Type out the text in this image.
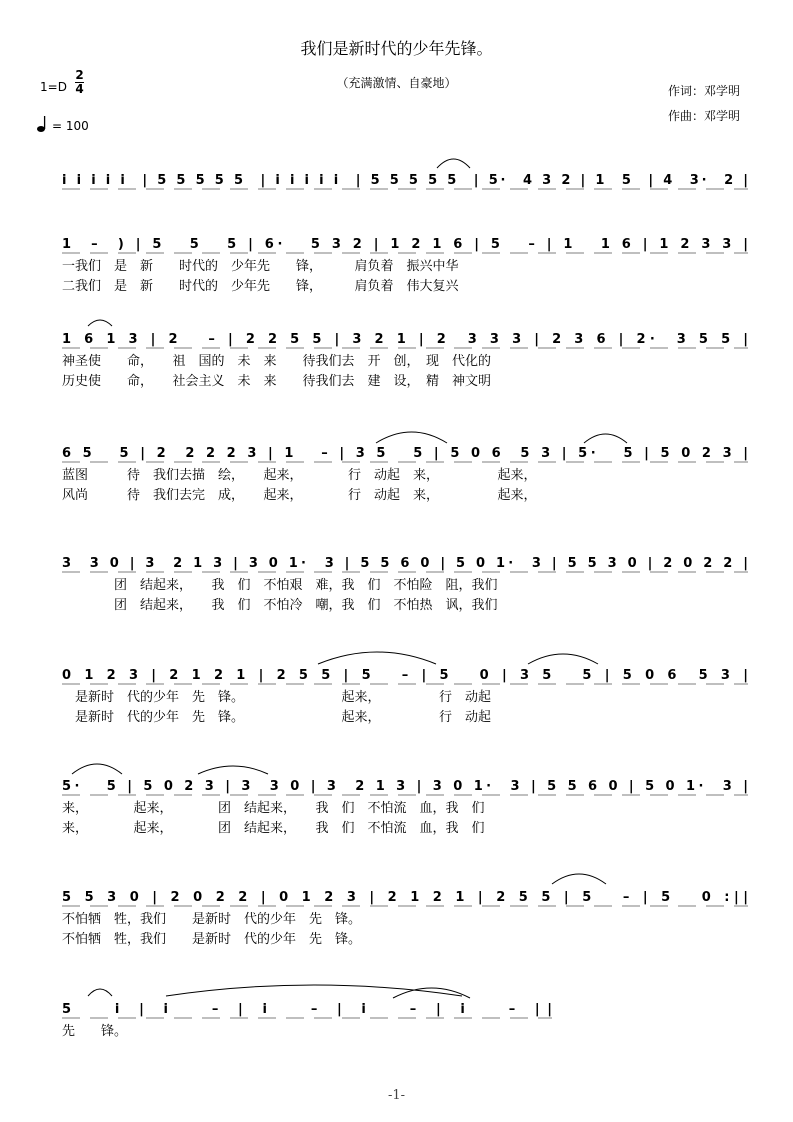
我们是新时代的少年先锋。
（充满激情、自豪地）
作词：邓学明
作曲：邓学明
1=D
2
4
= 100
i i i i i  | 5 5 5 5 5  | i i i i i  | 5 5 5 5 5  | 5·  4 3 2 | 1  5  | 4  3·  2 |
1  –  ) | 5   5   5 | 6·   5 3 2 | 1 2 1 6 | 5   – | 1   1 6 | 1 2 3 3 |
一我们　是　新　　时代的　少年先　　锋，　　　肩负着　振兴中华
二我们　是　新　　时代的　少年先　　锋，　　　肩负着　伟大复兴
1 6 1 3 | 2   – | 2 2 5 5 | 3 2 1 | 2  3 3 3 | 2 3 6 | 2·  3 5 5 |
神圣使　　命，　　祖　国的　未　来　　待我们去　开　创，　现　代化的
历史使　　命，　　社会主义　未　来　　待我们去　建　设，　精　神文明
6 5   5 | 2  2 2 2 3 | 1   – | 3 5   5 | 5 0 6  5 3 | 5·   5 | 5 0 2 3 |
蓝图　　　待　我们去描　绘，　　起来，　　　　行　动起　来，　　　　　起来，
风尚　　　待　我们去完　成，　　起来，　　　　行　动起　来，　　　　　起来，
3  3 0 | 3  2 1 3 | 3 0 1·  3 | 5 5 6 0 | 5 0 1·  3 | 5 5 3 0 | 2 0 2 2 |
　　　　团　结起来，　　我　们　不怕艰　难，我　们　不怕险　阻，我们
　　　　团　结起来，　　我　们　不怕冷　嘲，我　们　不怕热　讽，我们
0 1 2 3 | 2 1 2 1 | 2 5 5 | 5   – | 5   0 | 3 5   5 | 5 0 6  5 3 |
　是新时　代的少年　先　锋。　　　　　　　　起来，　　　　　行　动起
　是新时　代的少年　先　锋。　　　　　　　　起来，　　　　　行　动起
5·   5 | 5 0 2 3 | 3  3 0 | 3  2 1 3 | 3 0 1·  3 | 5 5 6 0 | 5 0 1·  3 |
来，　　　　起来，　　　　团　结起来，　　我　们　不怕流　血，我　们
来，　　　　起来，　　　　团　结起来，　　我　们　不怕流　血，我　们
5 5 3 0 | 2 0 2 2 | 0 1 2 3 | 2 1 2 1 | 2 5 5 | 5   – | 5   0 :||
不怕牺　牲，我们　　是新时　代的少年　先　锋。
不怕牺　牲，我们　　是新时　代的少年　先　锋。
5   i | i   – | i   – | i   – | i   – ||
先　　锋。
-1-
